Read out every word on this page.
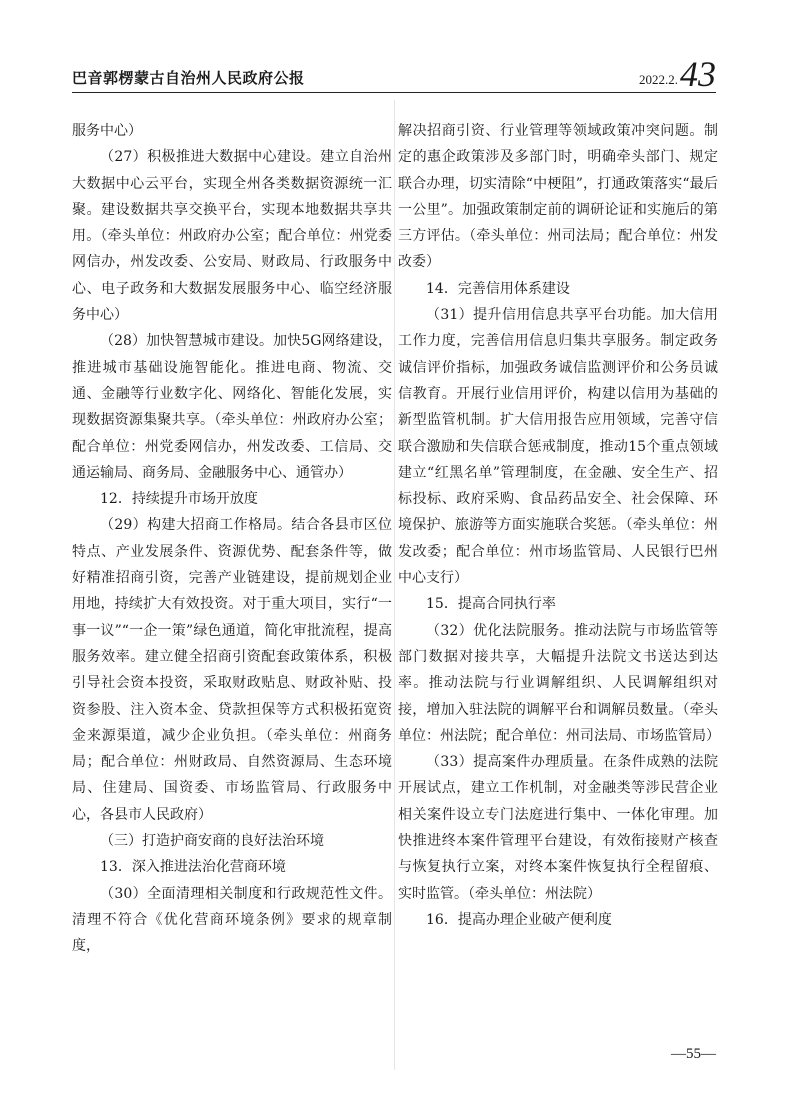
巴音郭楞蒙古自治州人民政府公报	2022.2. 43

服务中心）

（27）积极推进大数据中心建设。建立自治州大数据中心云平台，实现全州各类数据资源统一汇聚。建设数据共享交换平台，实现本地数据共享共用。（牵头单位：州政府办公室；配合单位：州党委网信办，州发改委、公安局、财政局、行政服务中心、电子政务和大数据发展服务中心、临空经济服务中心）

（28）加快智慧城市建设。加快5G网络建设，推进城市基础设施智能化。推进电商、物流、交通、金融等行业数字化、网络化、智能化发展，实现数据资源集聚共享。（牵头单位：州政府办公室；配合单位：州党委网信办，州发改委、工信局、交通运输局、商务局、金融服务中心、通管办）

12．持续提升市场开放度

（29）构建大招商工作格局。结合各县市区位特点、产业发展条件、资源优势、配套条件等，做好精准招商引资，完善产业链建设，提前规划企业用地，持续扩大有效投资。对于重大项目，实行“一事一议”“一企一策”绿色通道，简化审批流程，提高服务效率。建立健全招商引资配套政策体系，积极引导社会资本投资，采取财政贴息、财政补贴、投资参股、注入资本金、贷款担保等方式积极拓宽资金来源渠道，减少企业负担。（牵头单位：州商务局；配合单位：州财政局、自然资源局、生态环境局、住建局、国资委、市场监管局、行政服务中心，各县市人民政府）

（三）打造护商安商的良好法治环境

13．深入推进法治化营商环境

（30）全面清理相关制度和行政规范性文件。清理不符合《优化营商环境条例》要求的规章制度，

解决招商引资、行业管理等领域政策冲突问题。制定的惠企政策涉及多部门时，明确牵头部门、规定联合办理，切实清除“中梗阻”，打通政策落实“最后一公里”。加强政策制定前的调研论证和实施后的第三方评估。（牵头单位：州司法局；配合单位：州发改委）

14．完善信用体系建设

（31）提升信用信息共享平台功能。加大信用工作力度，完善信用信息归集共享服务。制定政务诚信评价指标，加强政务诚信监测评价和公务员诚信教育。开展行业信用评价，构建以信用为基础的新型监管机制。扩大信用报告应用领域，完善守信联合激励和失信联合惩戒制度，推动15个重点领域建立“红黑名单”管理制度，在金融、安全生产、招标投标、政府采购、食品药品安全、社会保障、环境保护、旅游等方面实施联合奖惩。（牵头单位：州发改委；配合单位：州市场监管局、人民银行巴州中心支行）

15．提高合同执行率

（32）优化法院服务。推动法院与市场监管等部门数据对接共享，大幅提升法院文书送达到达率。推动法院与行业调解组织、人民调解组织对接，增加入驻法院的调解平台和调解员数量。（牵头单位：州法院；配合单位：州司法局、市场监管局）

（33）提高案件办理质量。在条件成熟的法院开展试点，建立工作机制，对金融类等涉民营企业相关案件设立专门法庭进行集中、一体化审理。加快推进终本案件管理平台建设，有效衔接财产核查与恢复执行立案，对终本案件恢复执行全程留痕、实时监管。（牵头单位：州法院）

16．提高办理企业破产便利度

—55—
